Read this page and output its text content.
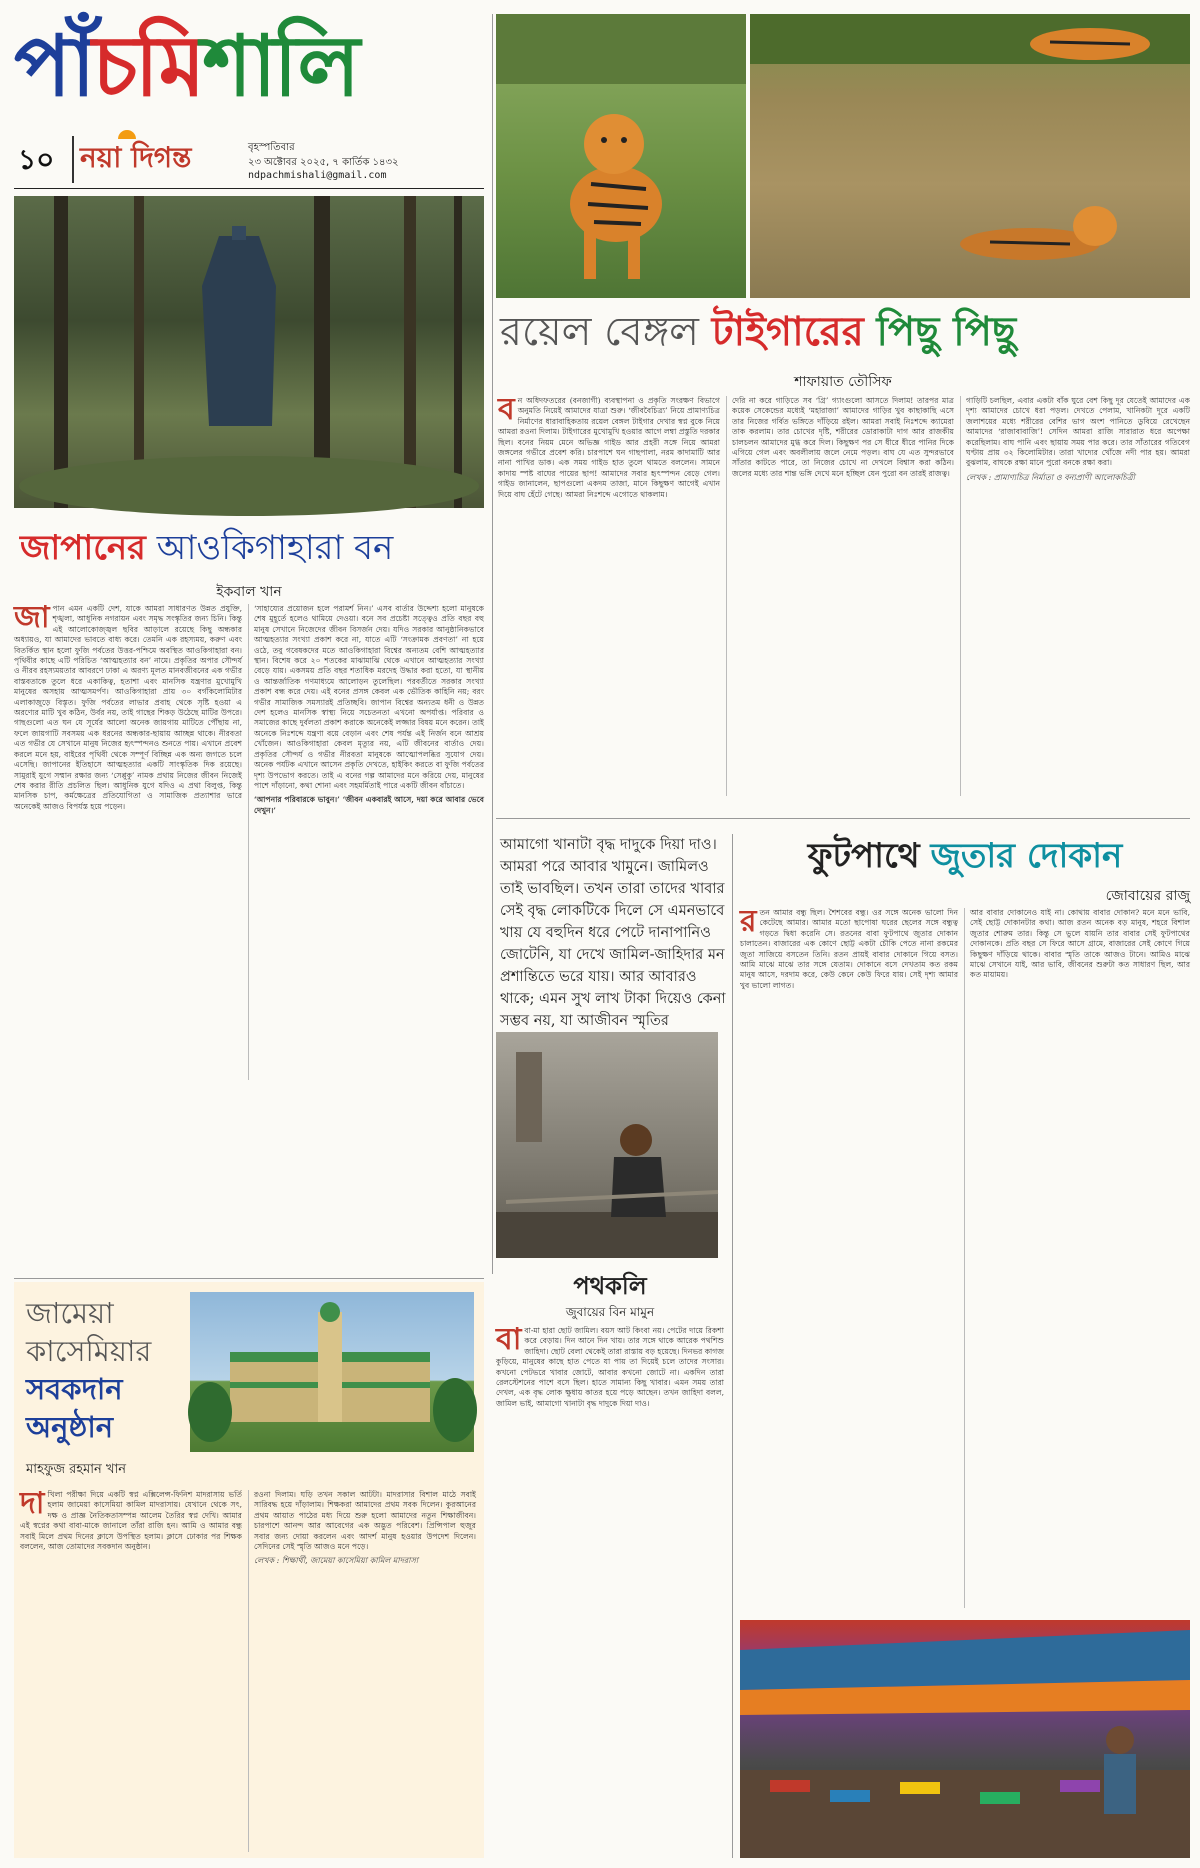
পাঁচমিশালি
১০ নয়া দিগন্ত	বৃহস্পতিবার
২৩ অক্টোবর ২০২৫, ৭ কার্তিক ১৪৩২
ndpachmishali@gmail.com
জাপানের আওকিগাহারা বন
ইকবাল খান
জা পান এমন একটি দেশ, যাকে আমরা সাধারণত উন্নত প্রযুক্তি, শৃঙ্খলা, আধুনিক নগরায়ন এবং সমৃদ্ধ সংস্কৃতির জন্য চিনি। কিন্তু এই আলোকোজ্জ্বল ছবির আড়ালে রয়েছে কিছু অন্ধকার অধ্যায়ও, যা আমাদের ভাবতে বাধ্য করে। তেমনি এক রহস্যময়, করুণ এবং বিতর্কিত স্থান হলো ফুজি পর্বতের উত্তর-পশ্চিমে অবস্থিত আওকিগাহারা বন। পৃথিবীর কাছে এটি পরিচিত ‘আত্মহত্যার বন’ নামে। প্রকৃতির অপার সৌন্দর্য ও নীরব রহস্যময়তার আবরণে ঢাকা এ অরণ্য মূলত মানবজীবনের এক গভীর বাস্তবতাকে তুলে ধরে একাকিত্ব, হতাশা এবং মানসিক যন্ত্রণার মুখোমুখি মানুষের অসহায় আত্মসমর্পণ। আওকিগাহারা প্রায় ৩০ বর্গকিলোমিটার এলাকাজুড়ে বিস্তৃত। ফুজি পর্বতের লাভার প্রবাহ থেকে সৃষ্টি হওয়া এ অরণ্যের মাটি খুব কঠিন, উর্বর নয়, তাই গাছের শিকড় উঠেছে মাটির উপরে। গাছগুলো এত ঘন যে সূর্যের আলো অনেক জায়গায় মাটিতে পৌঁছায় না, ফলে জায়গাটি সবসময় এক ধরনের অন্ধকার-ছায়ায় আচ্ছন্ন থাকে। নীরবতা এত গভীর যে সেখানে মানুষ নিজের হৃৎস্পন্দনও শুনতে পায়। এখানে প্রবেশ করলে মনে হয়, বাইরের পৃথিবী থেকে সম্পূর্ণ বিচ্ছিন্ন এক অন্য জগতে চলে এসেছি। জাপানের ইতিহাসে আত্মহত্যার একটি সাংস্কৃতিক দিক রয়েছে। সামুরাই যুগে সম্মান রক্ষার জন্য ‘সেপ্পুকু’ নামক প্রথায় নিজের জীবন নিজেই শেষ করার রীতি প্রচলিত ছিল। আধুনিক যুগে যদিও এ প্রথা বিলুপ্ত, কিন্তু মানসিক চাপ, কর্মক্ষেত্রের প্রতিযোগিতা ও সামাজিক প্রত্যাশার ভারে অনেকেই আজও বিপর্যস্ত হয়ে পড়েন।
‘সাহায্যের প্রয়োজন হলে পরামর্শ নিন।’ এসব বার্তার উদ্দেশ্য হলো মানুষকে শেষ মুহূর্তে হলেও থামিয়ে দেওয়া। বনে সব প্রচেষ্টা সত্ত্বেও প্রতি বছর বহু মানুষ সেখানে নিজেদের জীবন বিসর্জন দেয়। যদিও সরকার আনুষ্ঠানিকভাবে আত্মহত্যার সংখ্যা প্রকাশ করে না, যাতে এটি ‘সংক্রামক প্রবণতা’ না হয়ে ওঠে, তবু গবেষকদের মতে আওকিগাহারা বিশ্বের অন্যতম বেশি আত্মহত্যার স্থান। বিশেষ করে ২০ শতকের মাঝামাঝি থেকে এখানে আত্মহত্যার সংখ্যা বেড়ে যায়। একসময় প্রতি বছর শতাধিক মরদেহ উদ্ধার করা হতো, যা স্থানীয় ও আন্তর্জাতিক গণমাধ্যমে আলোড়ন তুলেছিল। পরবর্তীতে সরকার সংখ্যা প্রকাশ বন্ধ করে দেয়। এই বনের প্রসঙ্গ কেবল এক ভৌতিক কাহিনি নয়; বরং গভীর সামাজিক সমস্যারই প্রতিচ্ছবি। জাপান বিশ্বের অন্যতম ধনী ও উন্নত দেশ হলেও মানসিক স্বাস্থ্য নিয়ে সচেতনতা এখনো অপর্যাপ্ত। পরিবার ও সমাজের কাছে দুর্বলতা প্রকাশ করাকে অনেকেই লজ্জার বিষয় মনে করেন। তাই অনেকে নিঃশব্দে যন্ত্রণা বয়ে বেড়ান এবং শেষ পর্যন্ত এই নির্জন বনে আশ্রয় খোঁজেন। আওকিগাহারা কেবল মৃত্যুর নয়, এটি জীবনের বার্তাও দেয়। প্রকৃতির সৌন্দর্য ও গভীর নীরবতা মানুষকে আত্মোপলব্ধির সুযোগ দেয়। অনেক পর্যটক এখানে আসেন প্রকৃতি দেখতে, হাইকিং করতে বা ফুজি পর্বতের দৃশ্য উপভোগ করতে। তাই এ বনের গল্প আমাদের মনে করিয়ে দেয়, মানুষের পাশে দাঁড়ানো, কথা শোনা এবং সহমর্মিতাই পারে একটি জীবন বাঁচাতে।
‘আপনার পরিবারকে ভাবুন।’ ‘জীবন একবারই আসে, দয়া করে আবার ভেবে দেখুন।’
রয়েল বেঙ্গল টাইগারের পিছু পিছু
শাফায়াত তৌসিফ
ব ন অধিদফতরের (বনজাগী) ব্যবস্থাপনা ও প্রকৃতি সংরক্ষণ বিভাগে অনুমতি নিয়েই আমাদের যাত্রা শুরু। ‘জীববৈচিত্র্য’ নিয়ে প্রামাণ্যচিত্র নির্মাণের ধারাবাহিকতায় রয়েল বেঙ্গল টাইগার দেখার স্বপ্ন বুকে নিয়ে আমরা রওনা দিলাম। টাইগারের মুখোমুখি হওয়ার আগে লম্বা প্রস্তুতি দরকার ছিল। বনের নিয়ম মেনে অভিজ্ঞ গাইড আর প্রহরী সঙ্গে নিয়ে আমরা জঙ্গলের গভীরে প্রবেশ করি। চারপাশে ঘন গাছপালা, নরম কাদামাটি আর নানা পাখির ডাক। এক সময় গাইড হাত তুলে থামতে বললেন। সামনে কাদায় স্পষ্ট বাঘের পায়ের ছাপ! আমাদের সবার হৃৎস্পন্দন বেড়ে গেল। গাইড জানালেন, ছাপগুলো একদম তাজা, মানে কিছুক্ষণ আগেই এখান দিয়ে বাঘ হেঁটে গেছে। আমরা নিঃশব্দে এগোতে থাকলাম।
দেরি না করে গাড়িতে সব ‘গ্রি’ গ্যাংগুলো আসতে দিলাম! তারপর মাত্র কয়েক সেকেন্ডের মধ্যেই ‘মহারাজা’ আমাদের গাড়ির খুব কাছাকাছি এসে তার নিজের গর্বিত ভঙ্গিতে দাঁড়িয়ে রইল। আমরা সবাই নিঃশব্দে ক্যামেরা তাক করলাম। তার চোখের দৃষ্টি, শরীরের ডোরাকাটা দাগ আর রাজকীয় চালচলন আমাদের মুগ্ধ করে দিল। কিছুক্ষণ পর সে ধীরে ধীরে পানির দিকে এগিয়ে গেল এবং অবলীলায় জলে নেমে পড়ল। বাঘ যে এত সুন্দরভাবে সাঁতার কাটতে পারে, তা নিজের চোখে না দেখলে বিশ্বাস করা কঠিন। জলের মধ্যে তার শান্ত ভঙ্গি দেখে মনে হচ্ছিল যেন পুরো বন তারই রাজত্ব।
গাড়িটি চলছিল, এবার একটা বাঁক ঘুরে বেশ কিছু দূর যেতেই আমাদের এক দৃশ্য আমাদের চোখে ধরা পড়ল। দেখতে পেলাম, খানিকটা দূরে একটি জলাশয়ের মধ্যে শরীরের বেশির ভাগ অংশ পানিতে ডুবিয়ে রেখেছেন আমাদের ‘রাজাবাবাজি’! সেদিন আমরা রাজি সারারাত ধরে অপেক্ষা করেছিলাম। বাঘ পানি এবং ছায়ায় সময় পার করে। তার সাঁতারের গতিবেগ ঘণ্টায় প্রায় ৩২ কিলোমিটার। তারা খাদ্যের খোঁজে নদী পার হয়। আমরা বুঝলাম, বাঘকে রক্ষা মানে পুরো বনকে রক্ষা করা।
লেখক : প্রামাণ্যচিত্র নির্মাতা ও বন্যপ্রাণী আলোকচিত্রী
আমাগো খানাটা বৃদ্ধ দাদুকে দিয়া দাও। আমরা পরে আবার খামুনে। জামিলও তাই ভাবছিল। তখন তারা তাদের খাবার সেই বৃদ্ধ লোকটিকে দিলে সে এমনভাবে খায় যে বহুদিন ধরে পেটে দানাপানিও জোটেনি, যা দেখে জামিল-জাহিদার মন প্রশান্তিতে ভরে যায়। আর আবারও থাকে; এমন সুখ লাখ টাকা দিয়েও কেনা সম্ভব নয়, যা আজীবন স্মৃতির
পথকলি
জুবায়ের বিন মামুন
বা বা-মা হারা ছোট জামিল। বয়স আট কিংবা নয়। পেটের দায়ে রিকশা করে বেড়ায়। দিন আনে দিন খায়। তার সঙ্গে থাকে আরেক পথশিশু জাহিদা। ছোট বেলা থেকেই তারা রাস্তায় বড় হয়েছে। দিনভর কাগজ কুড়িয়ে, মানুষের কাছে হাত পেতে যা পায় তা দিয়েই চলে তাদের সংসার। কখনো পেটভরে খাবার জোটে, আবার কখনো জোটে না। একদিন তারা রেলস্টেশনের পাশে বসে ছিল। হাতে সামান্য কিছু খাবার। এমন সময় তারা দেখল, এক বৃদ্ধ লোক ক্ষুধায় কাতর হয়ে পড়ে আছেন। তখন জাহিদা বলল, জামিল ভাই, আমাগো খানাটা বৃদ্ধ দাদুকে দিয়া দাও।
ফুটপাথে জুতার দোকান
জোবায়ের রাজু
র তন আমার বন্ধু ছিল। শৈশবের বন্ধু। ওর সঙ্গে অনেক ভালো দিন কেটেছে আমার। আমার মতো ছাপোষা ঘরের ছেলের সঙ্গে বন্ধুত্ব গড়তে দ্বিধা করেনি সে। রতনের বাবা ফুটপাথে জুতার দোকান চালাতেন। বাজারের এক কোণে ছোট্ট একটা চৌকি পেতে নানা রকমের জুতা সাজিয়ে বসতেন তিনি। রতন প্রায়ই বাবার দোকানে গিয়ে বসত। আমি মাঝে মাঝে তার সঙ্গে যেতাম। দোকানে বসে দেখতাম কত রকম মানুষ আসে, দরদাম করে, কেউ কেনে কেউ ফিরে যায়। সেই দৃশ্য আমার খুব ভালো লাগত।
আর বাবার দোকানেও যাই না। কোথায় বাবার দোকান? মনে মনে ভাবি, সেই ছোট্ট দোকানটার কথা। আজ রতন অনেক বড় মানুষ, শহরে বিশাল জুতার শোরুম তার। কিন্তু সে ভুলে যায়নি তার বাবার সেই ফুটপাথের দোকানকে। প্রতি বছর সে ফিরে আসে গ্রামে, বাজারের সেই কোণে গিয়ে কিছুক্ষণ দাঁড়িয়ে থাকে। বাবার স্মৃতি তাকে আজও টানে। আমিও মাঝে মাঝে সেখানে যাই, আর ভাবি, জীবনের শুরুটা কত সাধারণ ছিল, আর কত মায়াময়।
জামেয়া
কাসেমিয়ার
সবকদান
অনুষ্ঠান
মাহফুজ রহমান খান
দা খিলা পরীক্ষা দিয়ে একটি স্বপ্ন এক্সিলেন্স-ফিনিশ মাদরাসায় ভর্তি হলাম জামেয়া কাসেমিয়া কামিল মাদরাসায়। যেখানে থেকে সৎ, দক্ষ ও প্রাজ্ঞ নৈতিকতাসম্পন্ন আলেম তৈরির স্বপ্ন দেখি। আমার এই স্বপ্নের কথা বাবা-মাকে জানালে তাঁরা রাজি হন। আমি ও আমার বন্ধু সবাই মিলে প্রথম দিনের ক্লাসে উপস্থিত হলাম। ক্লাসে ঢোকার পর শিক্ষক বললেন, আজ তোমাদের সবকদান অনুষ্ঠান।
রওনা দিলাম। ঘড়ি তখন সকাল আটটা। মাদরাসার বিশাল মাঠে সবাই সারিবদ্ধ হয়ে দাঁড়ালাম। শিক্ষকরা আমাদের প্রথম সবক দিলেন। কুরআনের প্রথম আয়াত পাঠের মধ্য দিয়ে শুরু হলো আমাদের নতুন শিক্ষাজীবন। চারপাশে আনন্দ আর আবেগের এক অদ্ভুত পরিবেশ। প্রিন্সিপাল হুজুর সবার জন্য দোয়া করলেন এবং আদর্শ মানুষ হওয়ার উপদেশ দিলেন। সেদিনের সেই স্মৃতি আজও মনে পড়ে।
লেখক : শিক্ষার্থী, জামেয়া কাসেমিয়া কামিল মাদরাসা
